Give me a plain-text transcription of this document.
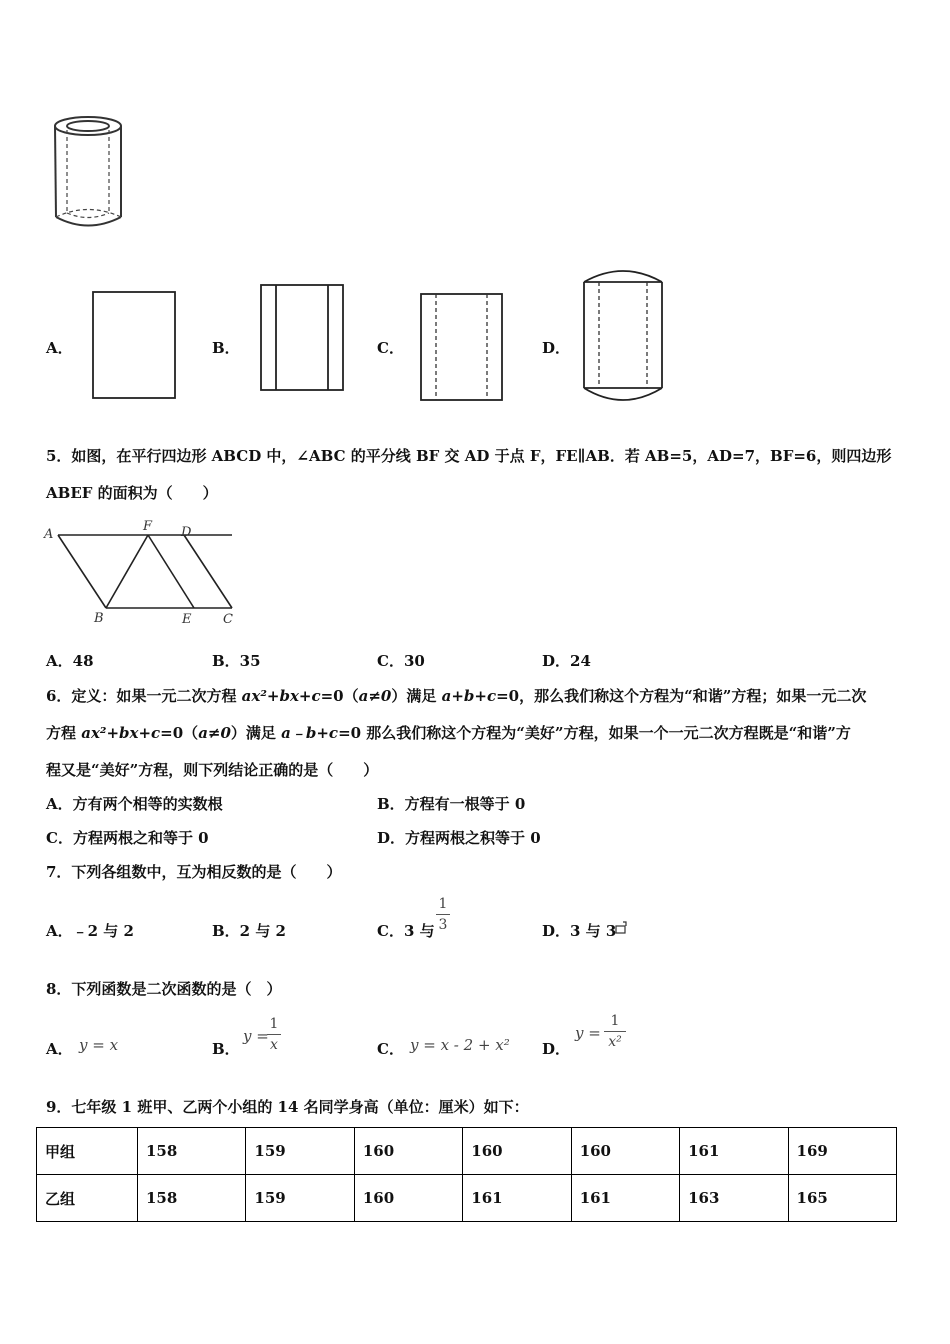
A．	B．	C．	D．
5．如图，在平行四边形 ABCD 中，∠ABC 的平分线 BF 交 AD 于点 F，FE∥AB．若 AB=5，AD=7，BF=6，则四边形
ABEF 的面积为（　　）
A
F D
B	E C
A．48	B．35	C．30	D．24
6．定义：如果一元二次方程 ax²+bx+c=0（a≠0）满足 a+b+c=0，那么我们称这个方程为“和谐”方程；如果一元二次
方程 ax²+bx+c=0（a≠0）满足 a﹣b+c=0 那么我们称这个方程为“美好”方程，如果一个一元二次方程既是“和谐”方
程又是“美好”方程，则下列结论正确的是（　　）
A．方有两个相等的实数根	B．方程有一根等于 0
C．方程两根之和等于 0	D．方程两根之积等于 0
7．下列各组数中，互为相反数的是（　　）
A．﹣2 与 2	B．2 与 2	C．3 与
1
3	D．3 与 3
8．下列函数是二次函数的是（　）
A． y = x	B．
y =
1
x	C． y = x - 2 + x² D．
y =
1
x²
9．七年级 1 班甲、乙两个小组的 14 名同学身高（单位：厘米）如下：
甲组	158	159	160	160	160	161	169
乙组	158	159	160	161	161	163	165
